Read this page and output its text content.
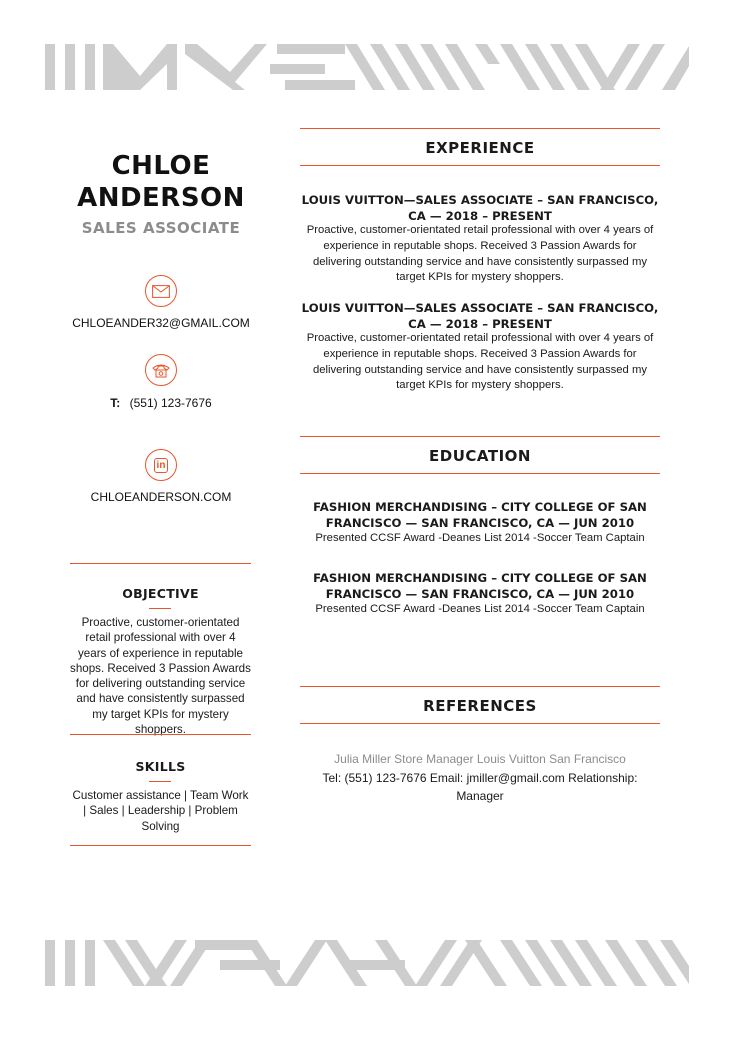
CHLOE
ANDERSON
SALES ASSOCIATE
CHLOEANDER32@GMAIL.COM
T: (551) 123-7676
in
CHLOEANDERSON.COM
OBJECTIVE
Proactive, customer-orientated retail professional with over 4 years of experience in reputable shops. Received 3 Passion Awards for delivering outstanding service and have consistently surpassed my target KPIs for mystery shoppers.
SKILLS
Customer assistance | Team Work | Sales | Leadership | Problem Solving
EXPERIENCE
LOUIS VUITTON—SALES ASSOCIATE – SAN FRANCISCO, CA — 2018 – PRESENT
Proactive, customer-orientated retail professional with over 4 years of experience in reputable shops. Received 3 Passion Awards for delivering outstanding service and have consistently surpassed my target KPIs for mystery shoppers.
LOUIS VUITTON—SALES ASSOCIATE – SAN FRANCISCO, CA — 2018 – PRESENT
Proactive, customer-orientated retail professional with over 4 years of experience in reputable shops. Received 3 Passion Awards for delivering outstanding service and have consistently surpassed my target KPIs for mystery shoppers.
EDUCATION
FASHION MERCHANDISING – CITY COLLEGE OF SAN FRANCISCO — SAN FRANCISCO, CA — JUN 2010
Presented CCSF Award -Deanes List 2014 -Soccer Team Captain
FASHION MERCHANDISING – CITY COLLEGE OF SAN FRANCISCO — SAN FRANCISCO, CA — JUN 2010
Presented CCSF Award -Deanes List 2014 -Soccer Team Captain
REFERENCES
Julia Miller Store Manager Louis Vuitton San Francisco
Tel: (551) 123-7676 Email: jmiller@gmail.com Relationship: Manager
